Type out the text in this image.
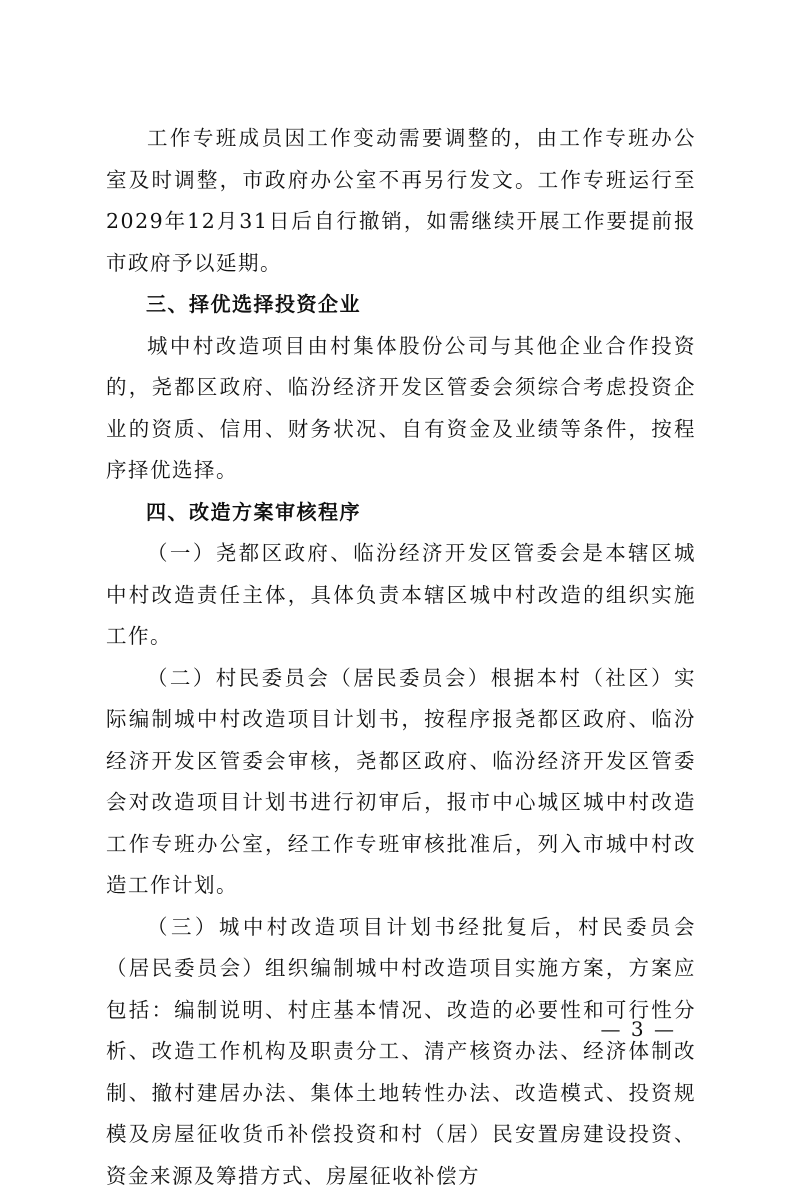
工作专班成员因工作变动需要调整的，由工作专班办公室及时调整，市政府办公室不再另行发文。工作专班运行至2029年12月31日后自行撤销，如需继续开展工作要提前报市政府予以延期。

三、择优选择投资企业

城中村改造项目由村集体股份公司与其他企业合作投资的，尧都区政府、临汾经济开发区管委会须综合考虑投资企业的资质、信用、财务状况、自有资金及业绩等条件，按程序择优选择。

四、改造方案审核程序

（一）尧都区政府、临汾经济开发区管委会是本辖区城中村改造责任主体，具体负责本辖区城中村改造的组织实施工作。

（二）村民委员会（居民委员会）根据本村（社区）实际编制城中村改造项目计划书，按程序报尧都区政府、临汾经济开发区管委会审核，尧都区政府、临汾经济开发区管委会对改造项目计划书进行初审后，报市中心城区城中村改造工作专班办公室，经工作专班审核批准后，列入市城中村改造工作计划。

（三）城中村改造项目计划书经批复后，村民委员会（居民委员会）组织编制城中村改造项目实施方案，方案应包括：编制说明、村庄基本情况、改造的必要性和可行性分析、改造工作机构及职责分工、清产核资办法、经济体制改制、撤村建居办法、集体土地转性办法、改造模式、投资规模及房屋征收货币补偿投资和村（居）民安置房建设投资、资金来源及筹措方式、房屋征收补偿方

— 3 —
